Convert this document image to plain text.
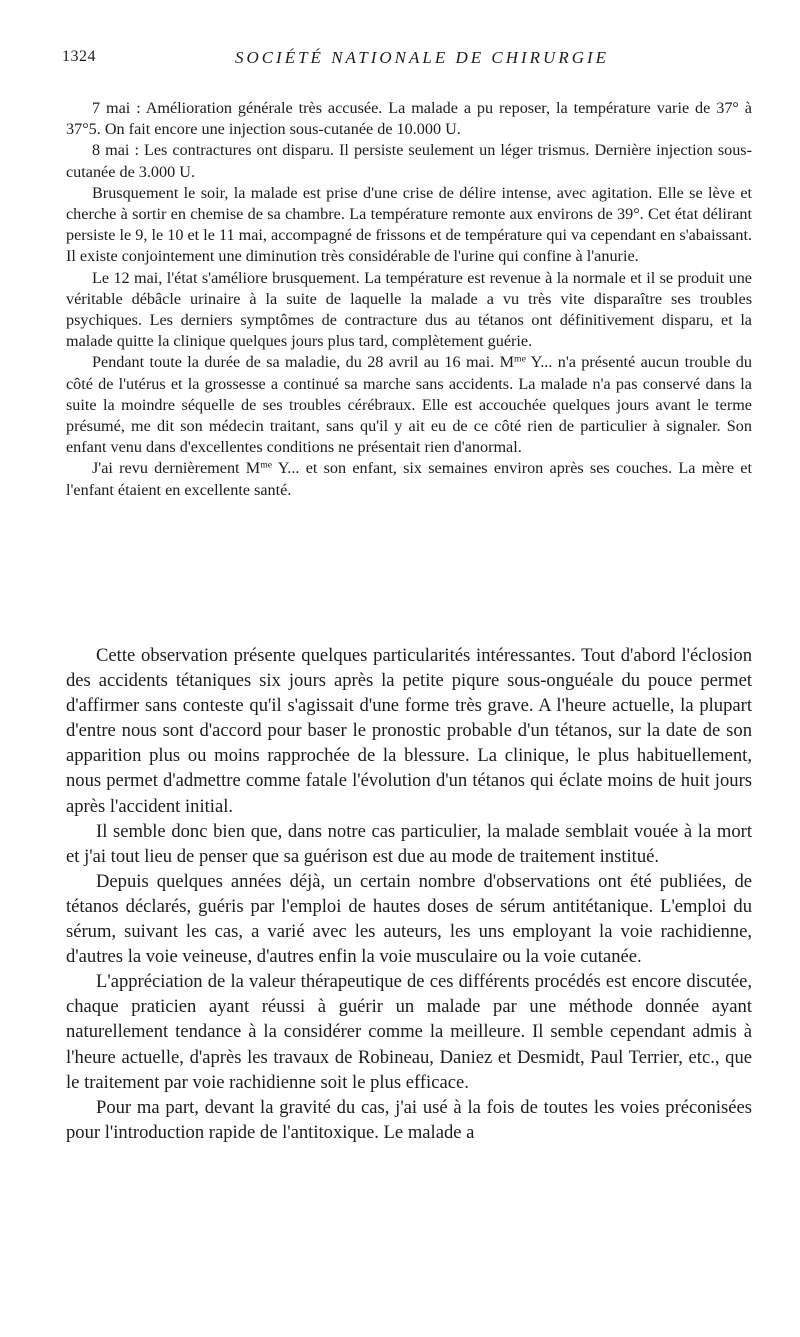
1324	SOCIÉTÉ NATIONALE DE CHIRURGIE

7 mai : Amélioration générale très accusée. La malade a pu reposer, la température varie de 37° à 37°5. On fait encore une injection sous-cutanée de 10.000 U.

8 mai : Les contractures ont disparu. Il persiste seulement un léger trismus. Dernière injection sous-cutanée de 3.000 U.

Brusquement le soir, la malade est prise d'une crise de délire intense, avec agitation. Elle se lève et cherche à sortir en chemise de sa chambre. La température remonte aux environs de 39°. Cet état délirant persiste le 9, le 10 et le 11 mai, accompagné de frissons et de température qui va cependant en s'abaissant. Il existe conjointement une diminution très considérable de l'urine qui confine à l'anurie.

Le 12 mai, l'état s'améliore brusquement. La température est revenue à la normale et il se produit une véritable débâcle urinaire à la suite de laquelle la malade a vu très vite disparaître ses troubles psychiques. Les derniers symptômes de contracture dus au tétanos ont définitivement disparu, et la malade quitte la clinique quelques jours plus tard, complètement guérie.

Pendant toute la durée de sa maladie, du 28 avril au 16 mai. $M^{me}$ Y... n'a présenté aucun trouble du côté de l'utérus et la grossesse a continué sa marche sans accidents. La malade n'a pas conservé dans la suite la moindre séquelle de ses troubles cérébraux. Elle est accouchée quelques jours avant le terme présumé, me dit son médecin traitant, sans qu'il y ait eu de ce côté rien de particulier à signaler. Son enfant venu dans d'excellentes conditions ne présentait rien d'anormal.

J'ai revu dernièrement $M^{me}$ Y... et son enfant, six semaines environ après ses couches. La mère et l'enfant étaient en excellente santé.

Cette observation présente quelques particularités intéressantes. Tout d'abord l'éclosion des accidents tétaniques six jours après la petite piqure sous-onguéale du pouce permet d'affirmer sans conteste qu'il s'agissait d'une forme très grave. A l'heure actuelle, la plupart d'entre nous sont d'accord pour baser le pronostic probable d'un tétanos, sur la date de son apparition plus ou moins rapprochée de la blessure. La clinique, le plus habituellement, nous permet d'admettre comme fatale l'évolution d'un tétanos qui éclate moins de huit jours après l'accident initial.

Il semble donc bien que, dans notre cas particulier, la malade semblait vouée à la mort et j'ai tout lieu de penser que sa guérison est due au mode de traitement institué.

Depuis quelques années déjà, un certain nombre d'observations ont été publiées, de tétanos déclarés, guéris par l'emploi de hautes doses de sérum antitétanique. L'emploi du sérum, suivant les cas, a varié avec les auteurs, les uns employant la voie rachidienne, d'autres la voie veineuse, d'autres enfin la voie musculaire ou la voie cutanée.

L'appréciation de la valeur thérapeutique de ces différents procédés est encore discutée, chaque praticien ayant réussi à guérir un malade par une méthode donnée ayant naturellement tendance à la considérer comme la meilleure. Il semble cependant admis à l'heure actuelle, d'après les travaux de Robineau, Daniez et Desmidt, Paul Terrier, etc., que le traitement par voie rachidienne soit le plus efficace.

Pour ma part, devant la gravité du cas, j'ai usé à la fois de toutes les voies préconisées pour l'introduction rapide de l'antitoxique. Le malade a
